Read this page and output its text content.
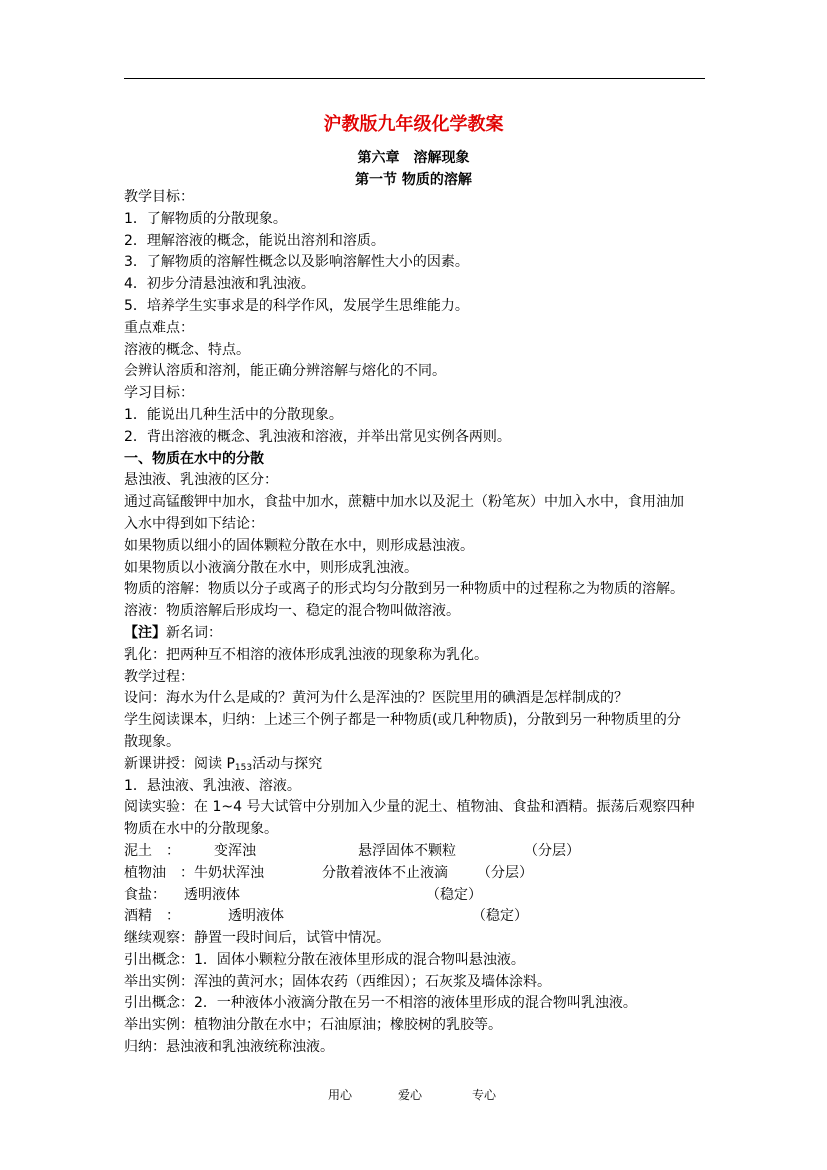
沪教版九年级化学教案
第六章　溶解现象
第一节 物质的溶解
教学目标：
1．了解物质的分散现象。
2．理解溶液的概念，能说出溶剂和溶质。
3．了解物质的溶解性概念以及影响溶解性大小的因素。
4．初步分清悬浊液和乳浊液。
5．培养学生实事求是的科学作风，发展学生思维能力。
重点难点：
溶液的概念、特点。
会辨认溶质和溶剂，能正确分辨溶解与熔化的不同。
学习目标：
1．能说出几种生活中的分散现象。
2．背出溶液的概念、乳浊液和溶液，并举出常见实例各两则。
一、物质在水中的分散
悬浊液、乳浊液的区分：
通过高锰酸钾中加水，食盐中加水，蔗糖中加水以及泥土（粉笔灰）中加入水中，食用油加
入水中得到如下结论：
如果物质以细小的固体颗粒分散在水中，则形成悬浊液。
如果物质以小液滴分散在水中，则形成乳浊液。
物质的溶解：物质以分子或离子的形式均匀分散到另一种物质中的过程称之为物质的溶解。
溶液：物质溶解后形成均一、稳定的混合物叫做溶液。
【注】新名词：
乳化：把两种互不相溶的液体形成乳浊液的现象称为乳化。
教学过程：
设问：海水为什么是咸的？黄河为什么是浑浊的？医院里用的碘酒是怎样制成的？
学生阅读课本，归纳：上述三个例子都是一种物质(或几种物质)，分散到另一种物质里的分
散现象。
新课讲授：阅读 P153活动与探究
1．悬浊液、乳浊液、溶液。
阅读实验：在 1~4 号大试管中分别加入少量的泥土、植物油、食盐和酒精。振荡后观察四种
物质在水中的分散现象。
泥土　：	变浑浊	悬浮固体不颗粒	（分层）
植物油　：牛奶状浑浊	分散着液体不止液滴	（分层）
食盐：	透明液体	（稳定）
酒精　：	透明液体	（稳定）
继续观察：静置一段时间后，试管中情况。
引出概念：1．固体小颗粒分散在液体里形成的混合物叫悬浊液。
举出实例：浑浊的黄河水；固体农药（西维因）；石灰浆及墙体涂料。
引出概念：2．一种液体小液滴分散在另一不相溶的液体里形成的混合物叫乳浊液。
举出实例：植物油分散在水中；石油原油；橡胶树的乳胶等。
归纳：悬浊液和乳浊液统称浊液。
用心	爱心	专心
